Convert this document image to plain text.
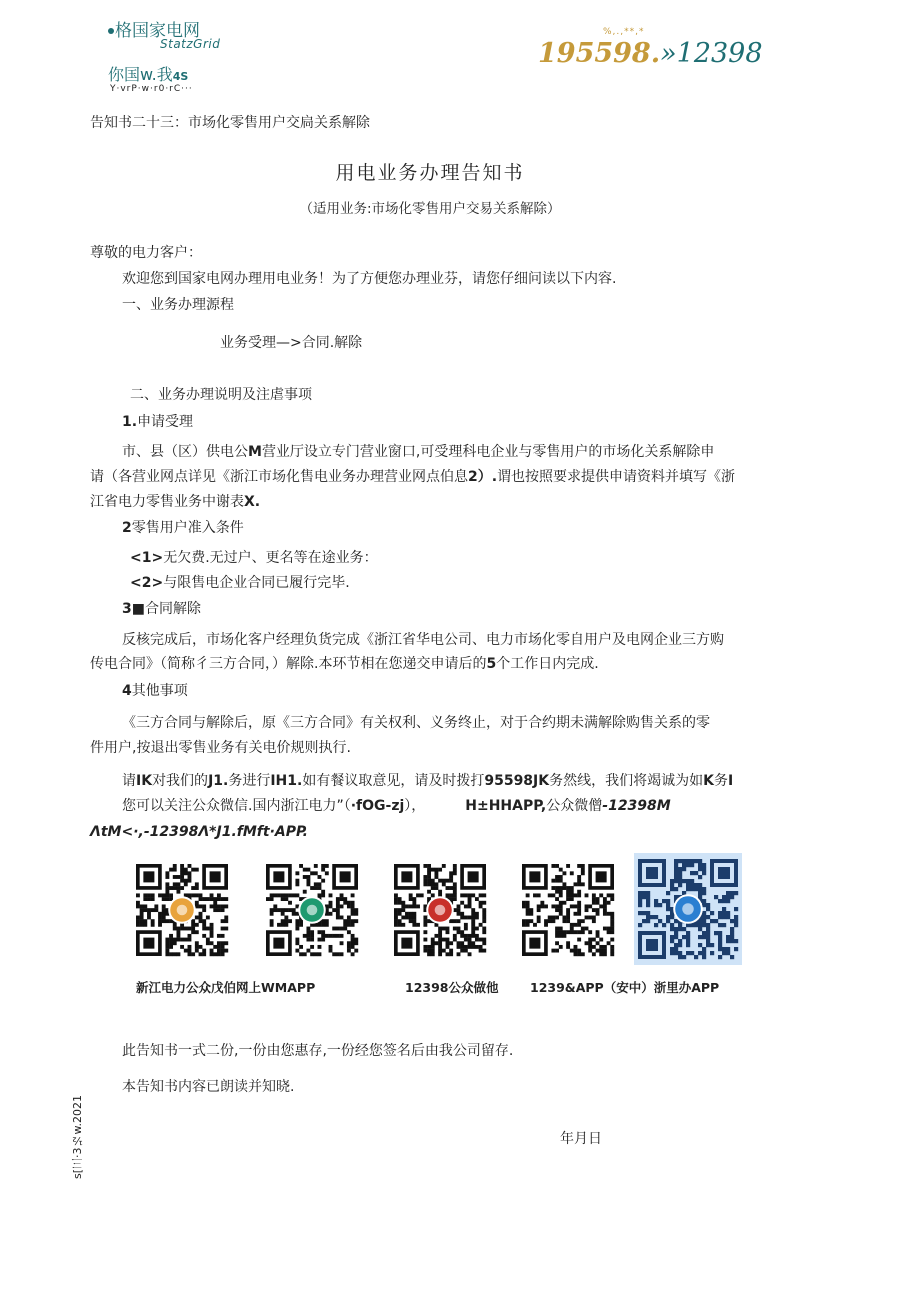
格国家电网
StatzGrid
你国w.我4S
Y·vrP·w·r0·rC···
%,.,**,*
195598.»12398
告知书二十三：市场化零售用户交扃关系解除
用电业务办理告知书
（适用业务:市场化零售用户交易关系解除）
尊敬的电力客户：
欢迎您到国家电网办理用电业务！为了方便您办理业芬，请您仔细问读以下内容.
一、业务办理源程
业务受理—>合同.解除
二、业务办理说明及注虐事项
1.申请受理
市、县（区）供电公M营业厅设立专门营业窗口,可受理科电企业与零售用户的市场化关系解除申
请（各营业网点详见《浙江市场化售电业务办理营业网点伯息2）.谓也按照要求提供申请资料并填写《浙
江省电力零售业务中谢表X.
2零售用户准入条件
<1>无欠费.无过户、更名等在途业务：
<2>与限售电企业合同已履行完毕.
3■合同解除
反核完成后，市场化客户经理负货完成《浙江省华电公司、电力市场化零自用户及电网企业三方购
传电合同》（简称彳三方合同，）解除.本环节相在您递交申请后的5个工作日内完成.
4其他事项
《三方合同与解除后，原《三方合同》有关权利、义务终止，对于合约期未满解除购售关系的零
件用户,按退出零售业务有关电价规则执行.
请IK对我们的J1.务进行IH1.如有餐议取意见，请及时拨打95598JK务然线，我们将竭诚为如K务I
您可以关注公众微信.国内浙江电力”（·fOG-zj），	H±HHAPP,公众微僧-12398M
ΛtM<·,-12398Λ*J1.fMft·APP.
新江电力公众戊伯网上WMAPP	12398公众做他	1239&APP（安中）浙里办APP
此告知书一式二份,一份由您惠存,一份经您签名后由我公司留存.
本告知书内容已朗读并知晓.
年月日
s[三·3½w.2021
